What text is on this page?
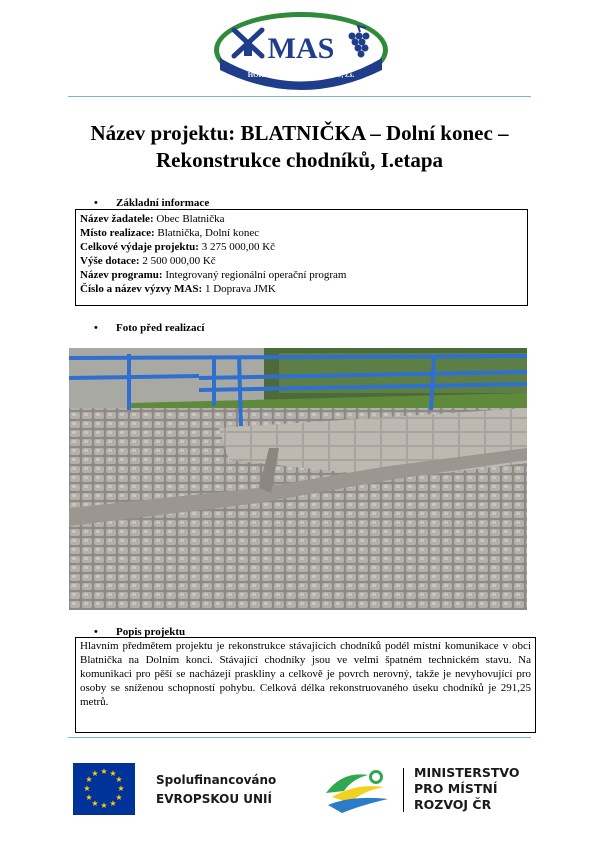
MAS
HORŇÁCKO A OSTROŽSKO, z.s.
Název projektu: BLATNIČKA – Dolní konec –
Rekonstrukce chodníků, I.etapa
• Základní informace
Název žadatele: Obec Blatnička
Místo realizace: Blatnička, Dolní konec
Celkové výdaje projektu: 3 275 000,00 Kč
Výše dotace: 2 500 000,00 Kč
Název programu: Integrovaný regionální operační program
Číslo a název výzvy MAS: 1 Doprava JMK
• Foto před realizací
• Popis projektu
Hlavním předmětem projektu je rekonstrukce stávajících chodníků podél místní komunikace v obci Blatnička na Dolním konci. Stávající chodníky jsou ve velmi špatném technickém stavu. Na komunikaci pro pěší se nacházejí praskliny a celkově je povrch nerovný, takže je nevyhovující pro osoby se sníženou schopností pohybu. Celková délka rekonstruovaného úseku chodníků je 291,25 metrů.
★ ★
★
★
★
★
★
★
★
★
★
★	Spolufinancováno
EVROPSKOU UNIÍ
MINISTERSTVO
PRO MÍSTNÍ
ROZVOJ ČR
